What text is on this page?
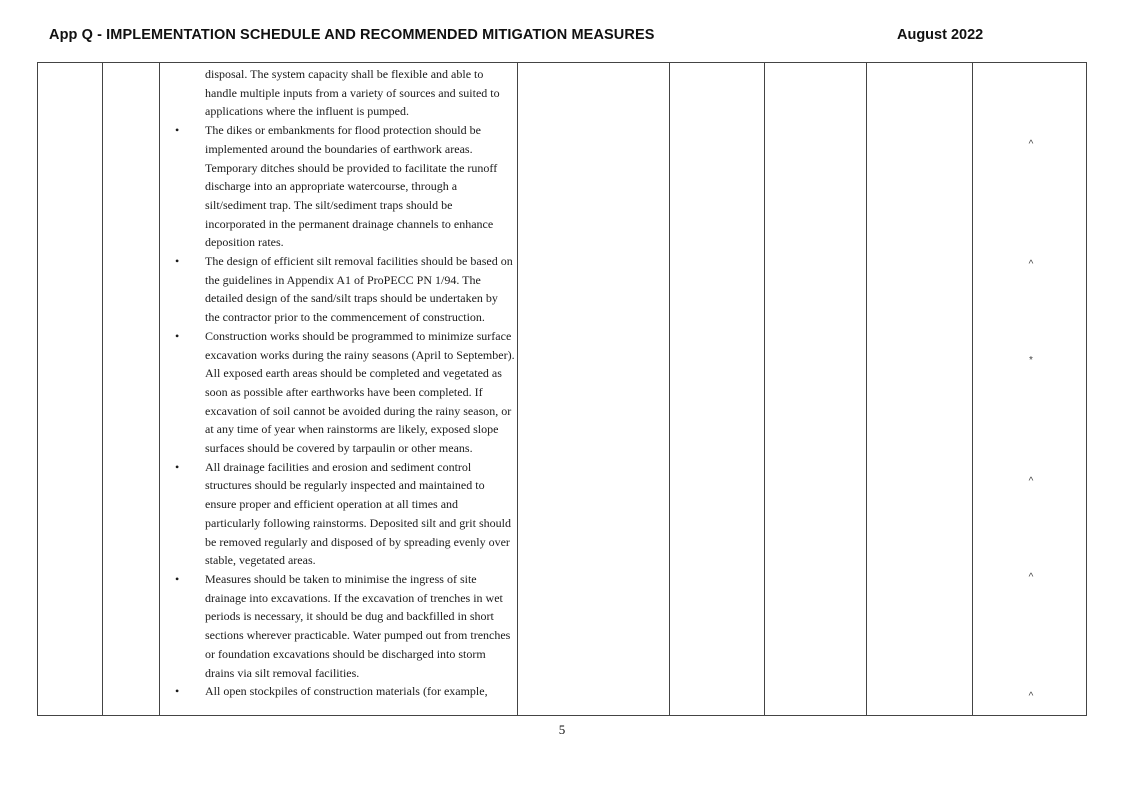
App Q - IMPLEMENTATION SCHEDULE AND RECOMMENDED MITIGATION MEASURES	August 2022
disposal. The system capacity shall be flexible and able to handle multiple inputs from a variety of sources and suited to applications where the influent is pumped.
• The dikes or embankments for flood protection should be implemented around the boundaries of earthwork areas. Temporary ditches should be provided to facilitate the runoff discharge into an appropriate watercourse, through a silt/sediment trap. The silt/sediment traps should be incorporated in the permanent drainage channels to enhance deposition rates.
• The design of efficient silt removal facilities should be based on the guidelines in Appendix A1 of ProPECC PN 1/94. The detailed design of the sand/silt traps should be undertaken by the contractor prior to the commencement of construction.
• Construction works should be programmed to minimize surface excavation works during the rainy seasons (April to September). All exposed earth areas should be completed and vegetated as soon as possible after earthworks have been completed. If excavation of soil cannot be avoided during the rainy season, or at any time of year when rainstorms are likely, exposed slope surfaces should be covered by tarpaulin or other means.
• All drainage facilities and erosion and sediment control structures should be regularly inspected and maintained to ensure proper and efficient operation at all times and particularly following rainstorms. Deposited silt and grit should be removed regularly and disposed of by spreading evenly over stable, vegetated areas.
• Measures should be taken to minimise the ingress of site drainage into excavations. If the excavation of trenches in wet periods is necessary, it should be dug and backfilled in short sections wherever practicable. Water pumped out from trenches or foundation excavations should be discharged into storm drains via silt removal facilities.
• All open stockpiles of construction materials (for example,
^
^
*
^
^
^
5
